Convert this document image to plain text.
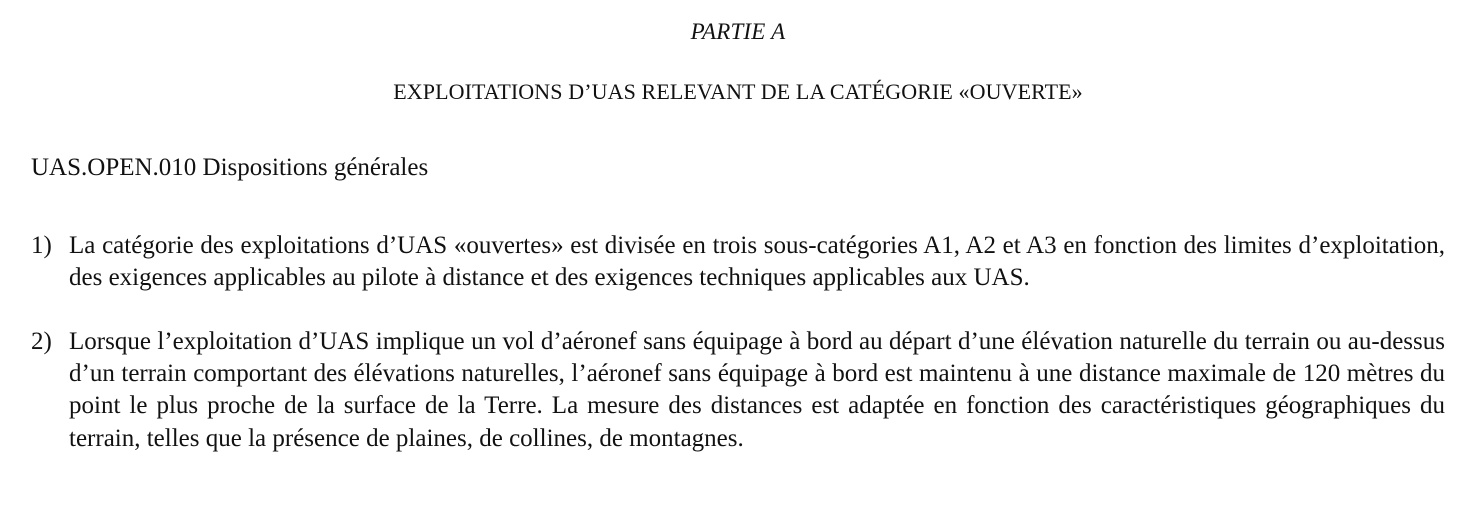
PARTIE A
EXPLOITATIONS D’UAS RELEVANT DE LA CATÉGORIE «OUVERTE»
UAS.OPEN.010 Dispositions générales
1) La catégorie des exploitations d’UAS «ouvertes» est divisée en trois sous-catégories A1, A2 et A3 en fonction des limites d’exploitation, des exigences applicables au pilote à distance et des exigences techniques applicables aux UAS.
2) Lorsque l’exploitation d’UAS implique un vol d’aéronef sans équipage à bord au départ d’une élévation naturelle du terrain ou au-dessus d’un terrain comportant des élévations naturelles, l’aéronef sans équipage à bord est maintenu à une distance maximale de 120 mètres du point le plus proche de la surface de la Terre. La mesure des distances est adaptée en fonction des caractéristiques géographiques du terrain, telles que la présence de plaines, de collines, de montagnes.
